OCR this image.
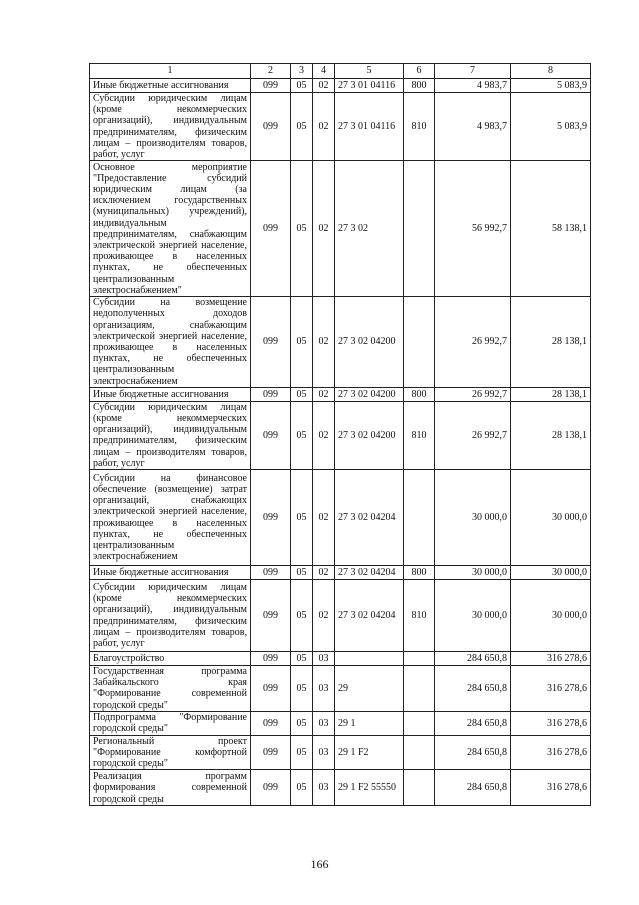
1	2	3	4	5	6	7	8
Иные бюджетные ассигнования	099	05	02	27 3 01 04116	800	4 983,7	5 083,9
Субсидии юридическим лицам (кроме некоммерческих организаций), индивидуальным предпринимателям, физическим лицам – производителям товаров, работ, услуг	099	05	02	27 3 01 04116	810	4 983,7	5 083,9
Основное мероприятие "Предоставление субсидий юридическим лицам (за исключением государственных (муниципальных) учреждений), индивидуальным предпринимателям, снабжающим электрической энергией население, проживающее в населенных пунктах, не обеспеченных централизованным электроснабжением"	099	05	02	27 3 02		56 992,7	58 138,1
Субсидии на возмещение недополученных доходов организациям, снабжающим электрической энергией население, проживающее в населенных пунктах, не обеспеченных централизованным электроснабжением	099	05	02	27 3 02 04200		26 992,7	28 138,1
Иные бюджетные ассигнования	099	05	02	27 3 02 04200	800	26 992,7	28 138,1
Субсидии юридическим лицам (кроме некоммерческих организаций), индивидуальным предпринимателям, физическим лицам – производителям товаров, работ, услуг	099	05	02	27 3 02 04200	810	26 992,7	28 138,1
Субсидии на финансовое обеспечение (возмещение) затрат организаций, снабжающих электрической энергией население, проживающее в населенных пунктах, не обеспеченных централизованным электроснабжением	099	05	02	27 3 02 04204		30 000,0	30 000,0
Иные бюджетные ассигнования	099	05	02	27 3 02 04204	800	30 000,0	30 000,0
Субсидии юридическим лицам (кроме некоммерческих организаций), индивидуальным предпринимателям, физическим лицам – производителям товаров, работ, услуг	099	05	02	27 3 02 04204	810	30 000,0	30 000,0
Благоустройство	099	05	03			284 650,8	316 278,6
Государственная программа Забайкальского края "Формирование современной городской среды"	099	05	03	29		284 650,8	316 278,6
Подпрограмма "Формирование городской среды"	099	05	03	29 1		284 650,8	316 278,6
Региональный проект "Формирование комфортной городской среды"	099	05	03	29 1 F2		284 650,8	316 278,6
Реализация программ формирования современной городской среды	099	05	03	29 1 F2 55550		284 650,8	316 278,6
166
